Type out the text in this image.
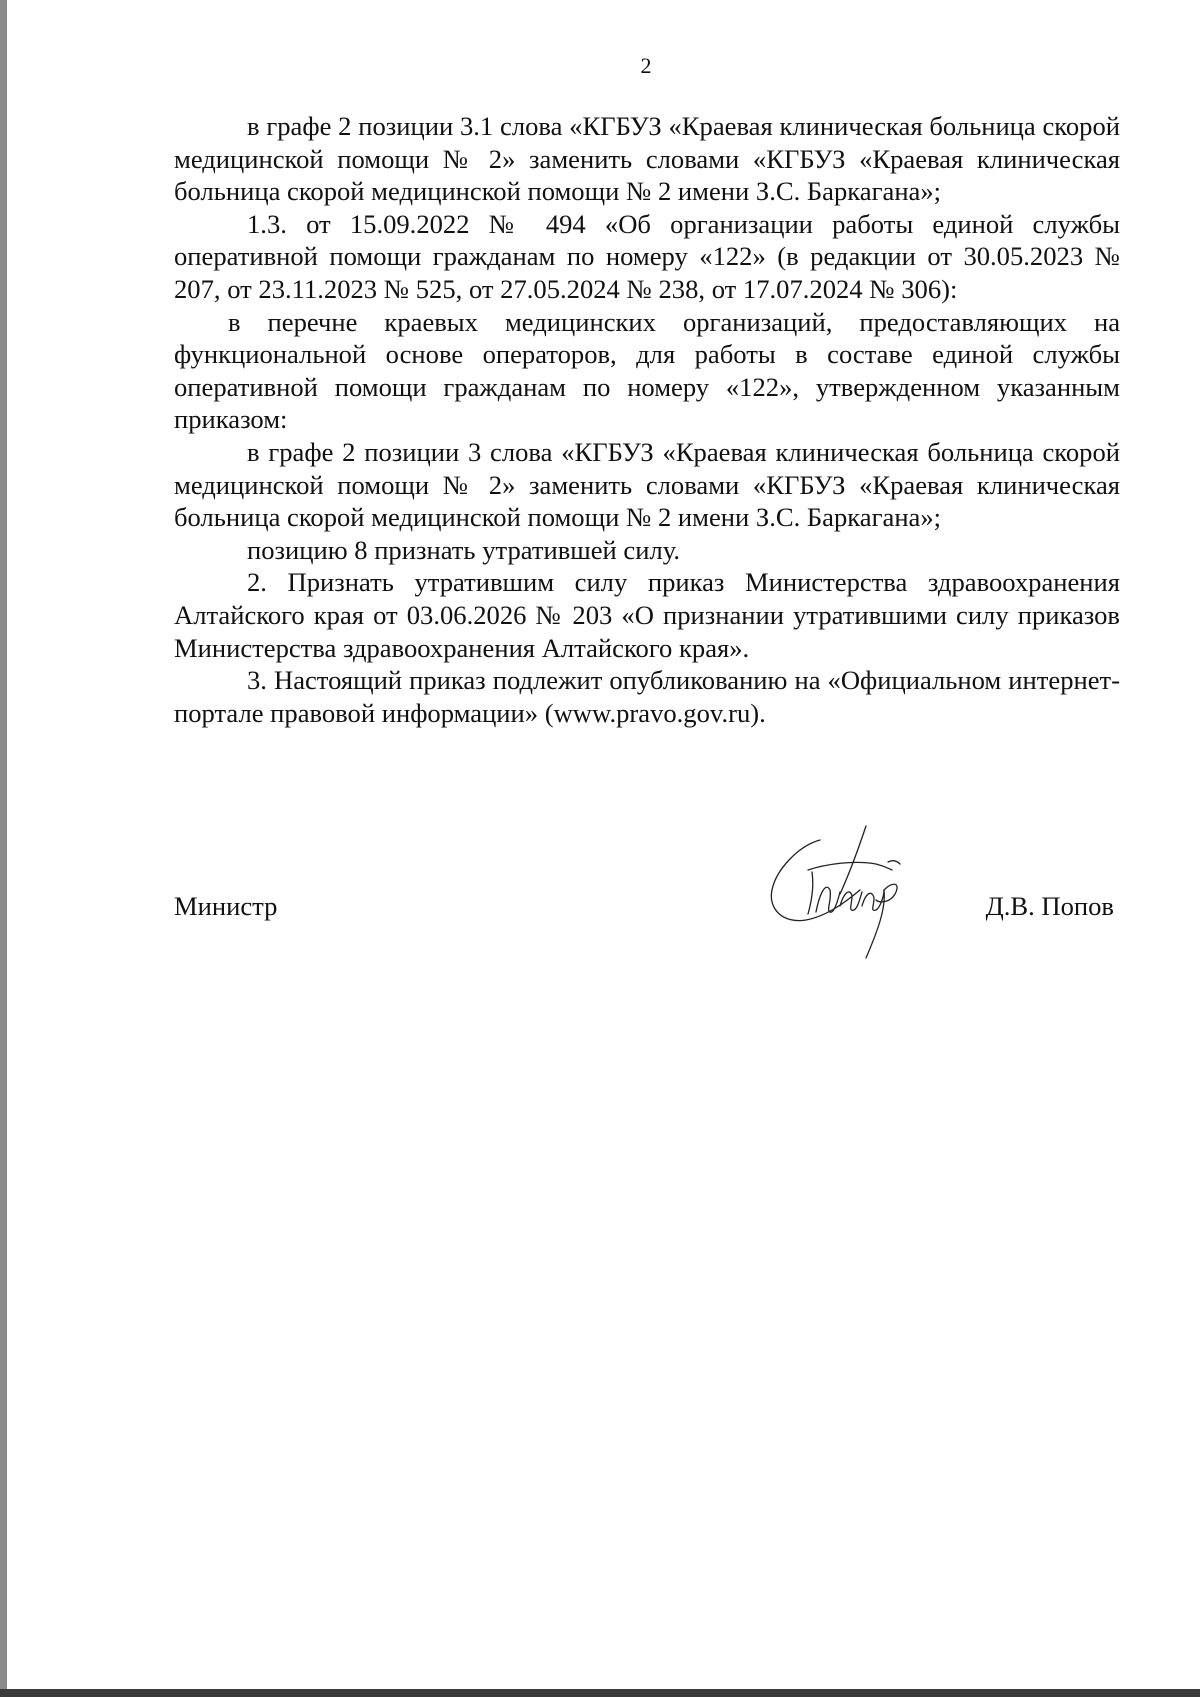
2

в графе 2 позиции 3.1 слова «КГБУЗ «Краевая клиническая больница скорой медицинской помощи № 2» заменить словами «КГБУЗ «Краевая клиническая больница скорой медицинской помощи № 2 имени З.С. Баркагана»;

1.3. от 15.09.2022 № 494 «Об организации работы единой службы оперативной помощи гражданам по номеру «122» (в редакции от 30.05.2023 № 207, от 23.11.2023 № 525, от 27.05.2024 № 238, от 17.07.2024 № 306):

в перечне краевых медицинских организаций, предоставляющих на функциональной основе операторов, для работы в составе единой службы оперативной помощи гражданам по номеру «122», утвержденном указанным приказом:

в графе 2 позиции 3 слова «КГБУЗ «Краевая клиническая больница скорой медицинской помощи № 2» заменить словами «КГБУЗ «Краевая клиническая больница скорой медицинской помощи № 2 имени З.С. Баркагана»;

позицию 8 признать утратившей силу.

2. Признать утратившим силу приказ Министерства здравоохранения Алтайского края от 03.06.2026 № 203 «О признании утратившими силу приказов Министерства здравоохранения Алтайского края».

3. Настоящий приказ подлежит опубликованию на «Официальном интернет-портале правовой информации» (www.pravo.gov.ru).

Министр	Д.В. Попов
